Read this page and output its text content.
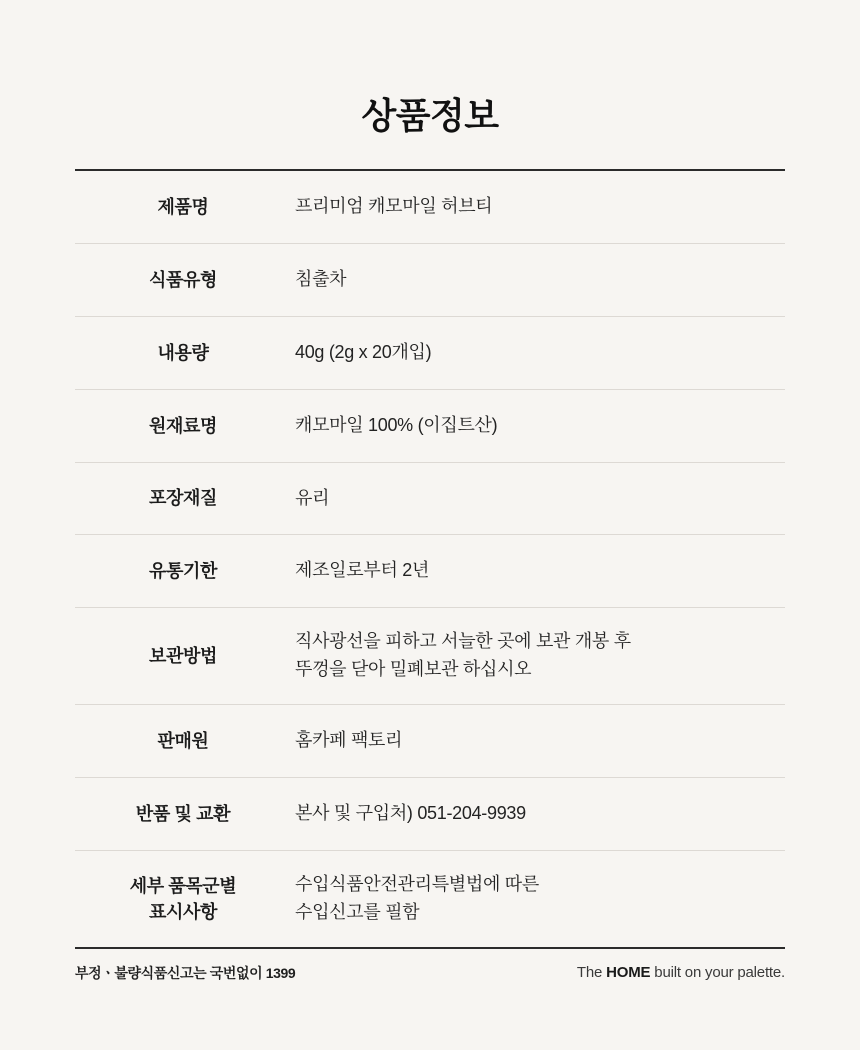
상품정보
제품명	프리미엄 캐모마일 허브티

식품유형	침출차

내용량	40g (2g x 20개입)

원재료명	캐모마일 100% (이집트산)

포장재질	유리

유통기한	제조일로부터 2년

보관방법	직사광선을 피하고 서늘한 곳에 보관 개봉 후
뚜껑을 닫아 밀폐보관 하십시오

판매원	홈카페 팩토리

반품 및 교환	본사 및 구입처) 051-204-9939

세부 품목군별
표시사항	수입식품안전관리특별법에 따른
수입신고를 필함
부정ㆍ불량식품신고는 국번없이 1399	The HOME built on your palette.
